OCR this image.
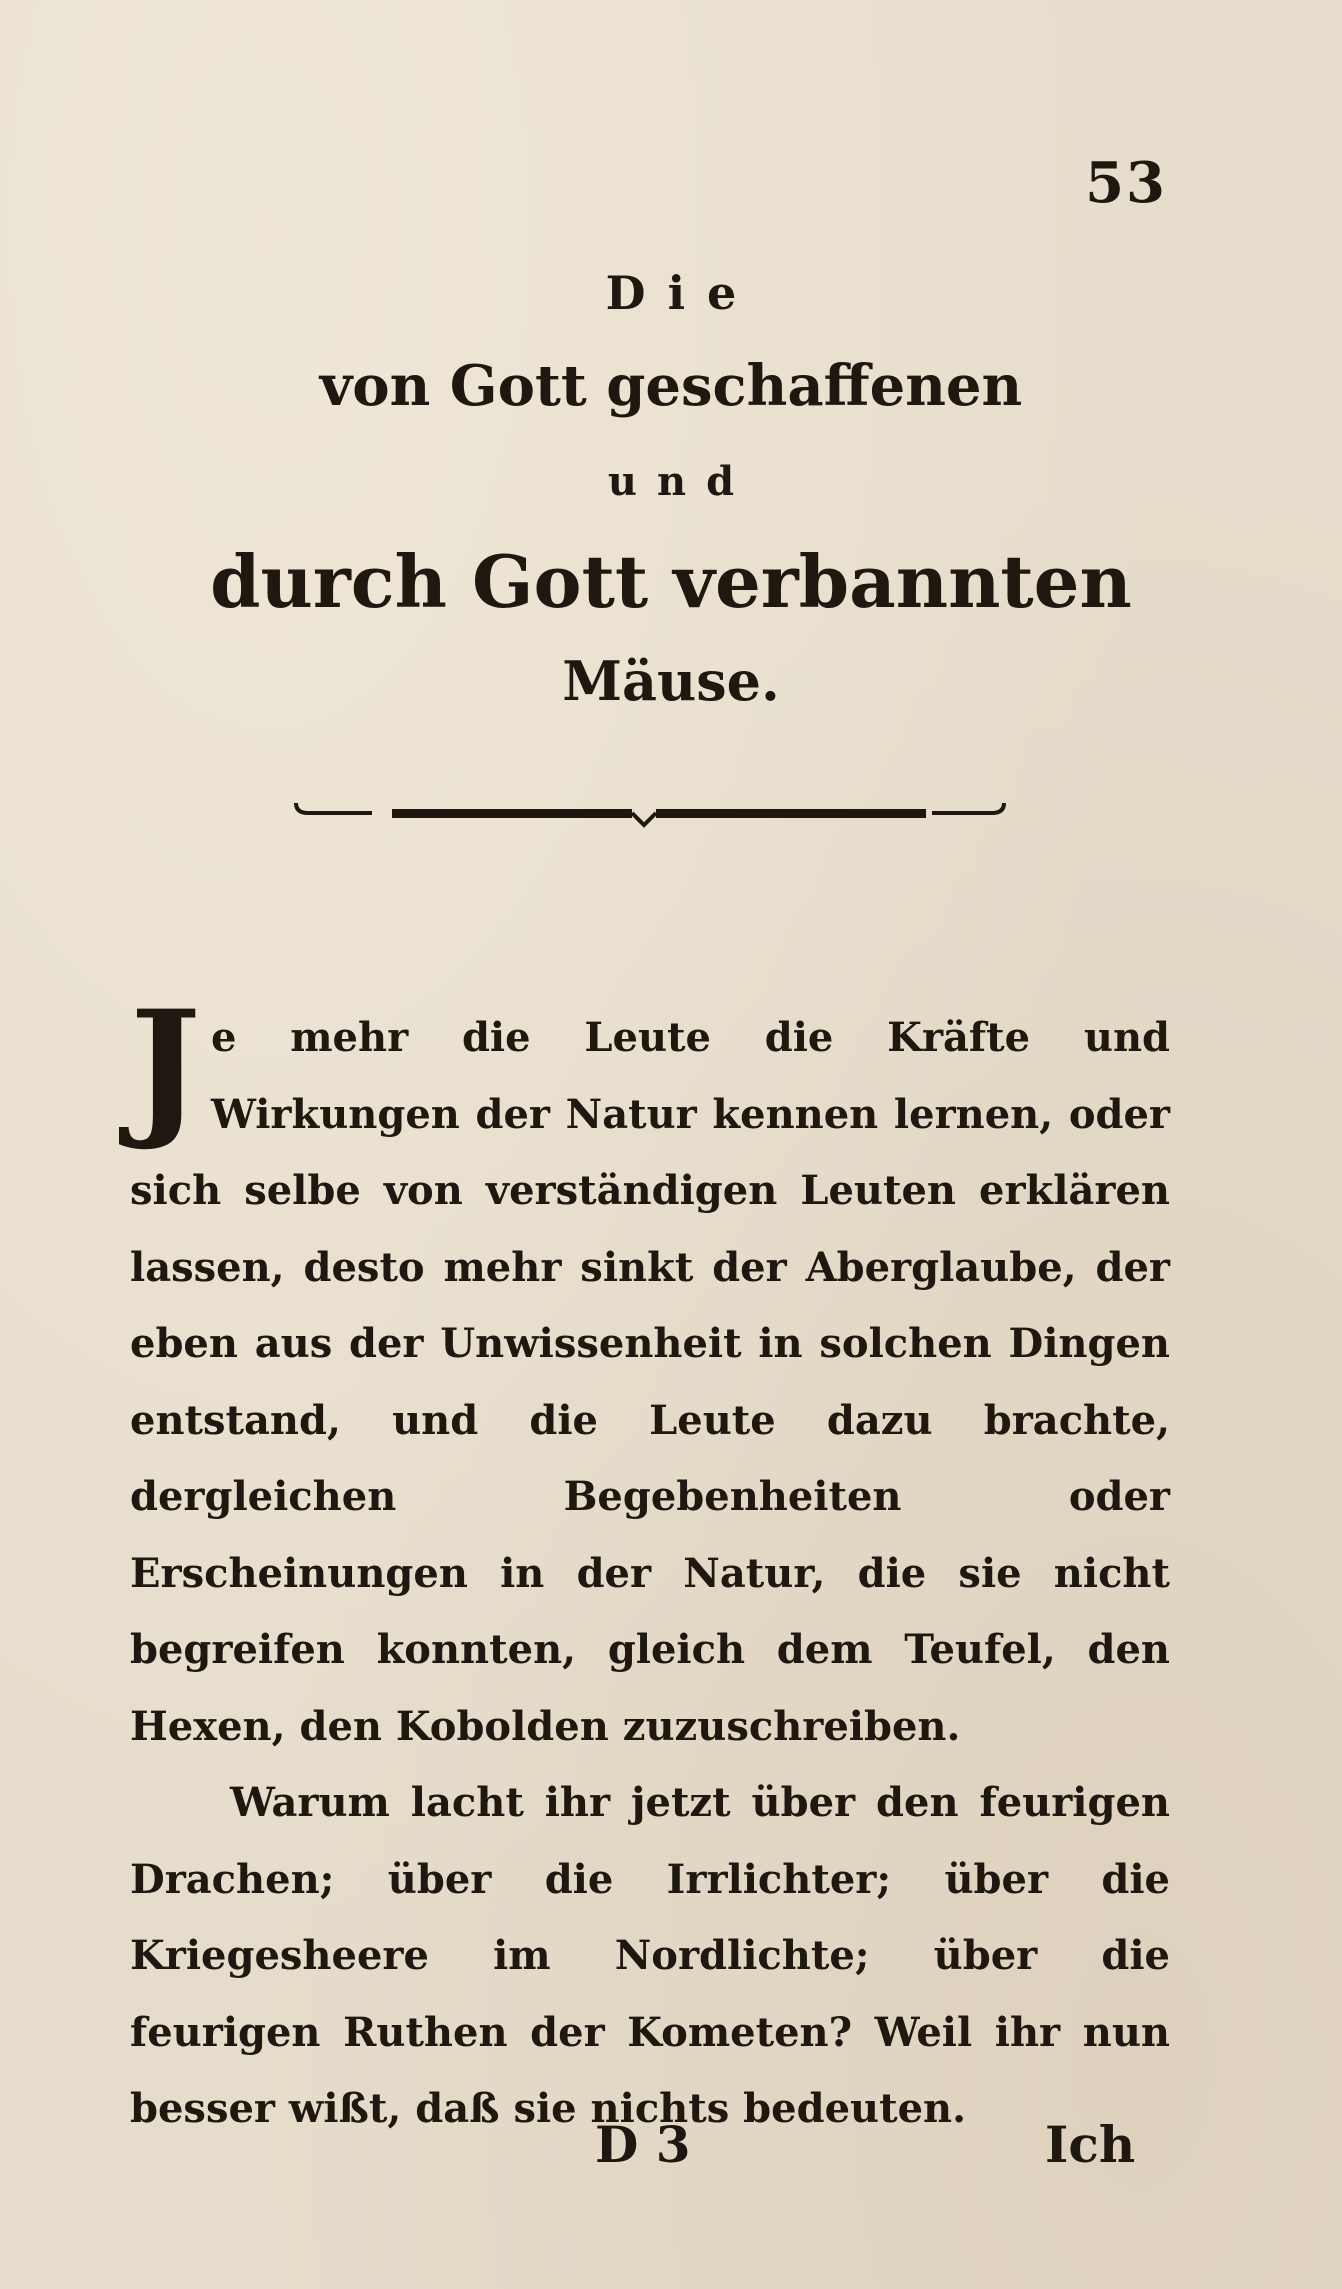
53
Die
von Gott geschaffenen
und
durch Gott verbannten
Mäuse.

Je mehr die Leute die Kräfte und Wirkungen der Natur kennen lernen, oder sich selbe von verständigen Leuten erklären lassen, desto mehr sinkt der Aberglaube, der eben aus der Unwissenheit in solchen Dingen entstand, und die Leute dazu brachte, dergleichen Begebenheiten oder Erscheinungen in der Natur, die sie nicht begreifen konnten, gleich dem Teufel, den Hexen, den Kobolden zuzuschreiben.

Warum lacht ihr jetzt über den feurigen Drachen; über die Irrlichter; über die Kriegesheere im Nordlichte; über die feurigen Ruthen der Kometen? Weil ihr nun besser wißt, daß sie nichts bedeuten.

D 3	Ich
